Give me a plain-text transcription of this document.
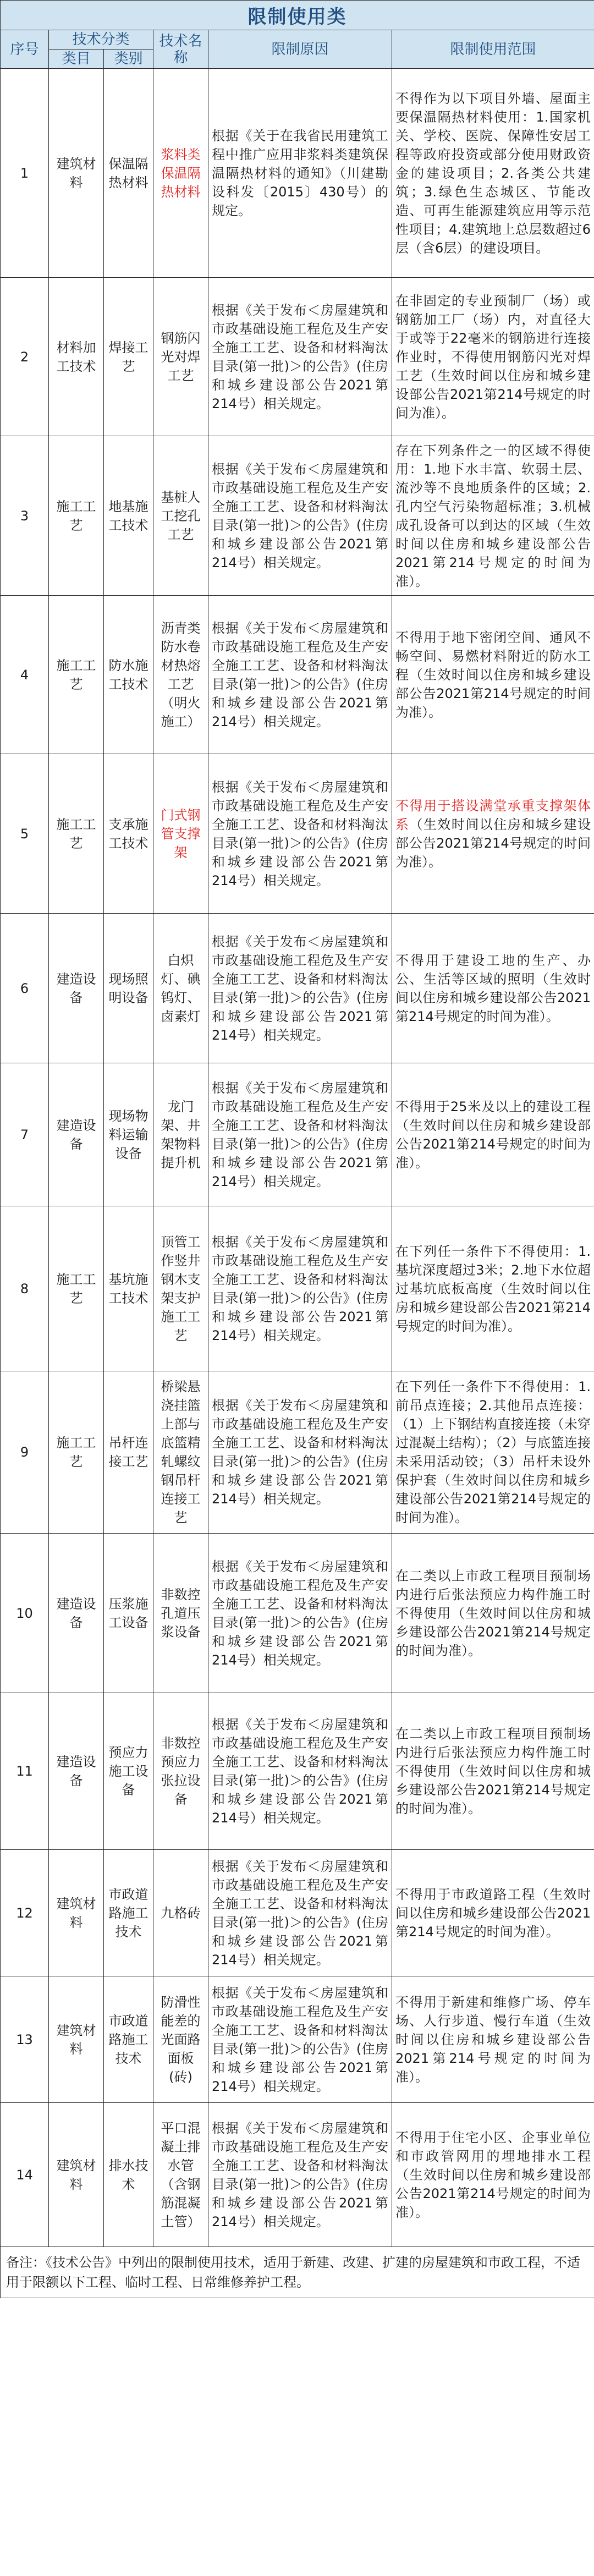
限制使用类					
序号	技术分类		技术名称	限制原因	限制使用范围
	类目	类别			
1	建筑材料	保温隔热材料	浆料类保温隔热材料	根据《关于在我省民用建筑工程中推广应用非浆料类建筑保温隔热材料的通知》（川建勘设科发〔2015〕430号）的规定。	不得作为以下项目外墙、屋面主要保温隔热材料使用：1.国家机关、学校、医院、保障性安居工程等政府投资或部分使用财政资金的建设项目；2.各类公共建筑；3.绿色生态城区、节能改造、可再生能源建筑应用等示范性项目；4.建筑地上总层数超过6层（含6层）的建设项目。
2	材料加工技术	焊接工艺	钢筋闪光对焊工艺	根据《关于发布＜房屋建筑和市政基础设施工程危及生产安全施工工艺、设备和材料淘汰目录(第一批)＞的公告》(住房和城乡建设部公告2021第214号）相关规定。	在非固定的专业预制厂（场）或钢筋加工厂（场）内，对直径大于或等于22毫米的钢筋进行连接作业时，不得使用钢筋闪光对焊工艺（生效时间以住房和城乡建设部公告2021第214号规定的时间为准）。
3	施工工艺	地基施工技术	基桩人工挖孔工艺	根据《关于发布＜房屋建筑和市政基础设施工程危及生产安全施工工艺、设备和材料淘汰目录(第一批)＞的公告》(住房和城乡建设部公告2021第214号）相关规定。	存在下列条件之一的区域不得使用：1.地下水丰富、软弱土层、流沙等不良地质条件的区域；2.孔内空气污染物超标准；3.机械成孔设备可以到达的区域（生效时间以住房和城乡建设部公告2021第214号规定的时间为准）。
4	施工工艺	防水施工技术	沥青类防水卷材热熔工艺（明火施工）	根据《关于发布＜房屋建筑和市政基础设施工程危及生产安全施工工艺、设备和材料淘汰目录(第一批)＞的公告》(住房和城乡建设部公告2021第214号）相关规定。	不得用于地下密闭空间、通风不畅空间、易燃材料附近的防水工程（生效时间以住房和城乡建设部公告2021第214号规定的时间为准）。
5	施工工艺	支承施工技术	门式钢管支撑架	根据《关于发布＜房屋建筑和市政基础设施工程危及生产安全施工工艺、设备和材料淘汰目录(第一批)＞的公告》(住房和城乡建设部公告2021第214号）相关规定。	不得用于搭设满堂承重支撑架体系（生效时间以住房和城乡建设部公告2021第214号规定的时间为准）。
6	建造设备	现场照明设备	白炽灯、碘钨灯、卤素灯	根据《关于发布＜房屋建筑和市政基础设施工程危及生产安全施工工艺、设备和材料淘汰目录(第一批)＞的公告》(住房和城乡建设部公告2021第214号）相关规定。	不得用于建设工地的生产、办公、生活等区域的照明（生效时间以住房和城乡建设部公告2021第214号规定的时间为准）。
7	建造设备	现场物料运输设备	龙门架、井架物料提升机	根据《关于发布＜房屋建筑和市政基础设施工程危及生产安全施工工艺、设备和材料淘汰目录(第一批)＞的公告》(住房和城乡建设部公告2021第214号）相关规定。	不得用于25米及以上的建设工程（生效时间以住房和城乡建设部公告2021第214号规定的时间为准）。
8	施工工艺	基坑施工技术	顶管工作竖井钢木支架支护施工工艺	根据《关于发布＜房屋建筑和市政基础设施工程危及生产安全施工工艺、设备和材料淘汰目录(第一批)＞的公告》(住房和城乡建设部公告2021第214号）相关规定。	在下列任一条件下不得使用：1.基坑深度超过3米；2.地下水位超过基坑底板高度（生效时间以住房和城乡建设部公告2021第214号规定的时间为准）。
9	施工工艺	吊杆连接工艺	桥梁悬浇挂篮上部与底篮精轧螺纹钢吊杆连接工艺	根据《关于发布＜房屋建筑和市政基础设施工程危及生产安全施工工艺、设备和材料淘汰目录(第一批)＞的公告》(住房和城乡建设部公告2021第214号）相关规定。	在下列任一条件下不得使用：1.前吊点连接；2.其他吊点连接：（1）上下钢结构直接连接（未穿过混凝土结构）；（2）与底篮连接未采用活动铰；（3）吊杆未设外保护套（生效时间以住房和城乡建设部公告2021第214号规定的时间为准）。
10	建造设备	压浆施工设备	非数控孔道压浆设备	根据《关于发布＜房屋建筑和市政基础设施工程危及生产安全施工工艺、设备和材料淘汰目录(第一批)＞的公告》(住房和城乡建设部公告2021第214号）相关规定。	在二类以上市政工程项目预制场内进行后张法预应力构件施工时不得使用（生效时间以住房和城乡建设部公告2021第214号规定的时间为准）。
11	建造设备	预应力施工设备	非数控预应力张拉设备	根据《关于发布＜房屋建筑和市政基础设施工程危及生产安全施工工艺、设备和材料淘汰目录(第一批)＞的公告》(住房和城乡建设部公告2021第214号）相关规定。	在二类以上市政工程项目预制场内进行后张法预应力构件施工时不得使用（生效时间以住房和城乡建设部公告2021第214号规定的时间为准）。
12	建筑材料	市政道路施工技术	九格砖	根据《关于发布＜房屋建筑和市政基础设施工程危及生产安全施工工艺、设备和材料淘汰目录(第一批)＞的公告》(住房和城乡建设部公告2021第214号）相关规定。	不得用于市政道路工程（生效时间以住房和城乡建设部公告2021第214号规定的时间为准）。
13	建筑材料	市政道路施工技术	防滑性能差的光面路面板(砖)	根据《关于发布＜房屋建筑和市政基础设施工程危及生产安全施工工艺、设备和材料淘汰目录(第一批)＞的公告》(住房和城乡建设部公告2021第214号）相关规定。	不得用于新建和维修广场、停车场、人行步道、慢行车道（生效时间以住房和城乡建设部公告2021第214号规定的时间为准）。
14	建筑材料	排水技术	平口混凝土排水管（含钢筋混凝土管）	根据《关于发布＜房屋建筑和市政基础设施工程危及生产安全施工工艺、设备和材料淘汰目录(第一批)＞的公告》(住房和城乡建设部公告2021第214号）相关规定。	不得用于住宅小区、企事业单位和市政管网用的埋地排水工程（生效时间以住房和城乡建设部公告2021第214号规定的时间为准）。
备注：《技术公告》中列出的限制使用技术，适用于新建、改建、扩建的房屋建筑和市政工程，不适用于限额以下工程、临时工程、日常维修养护工程。					
